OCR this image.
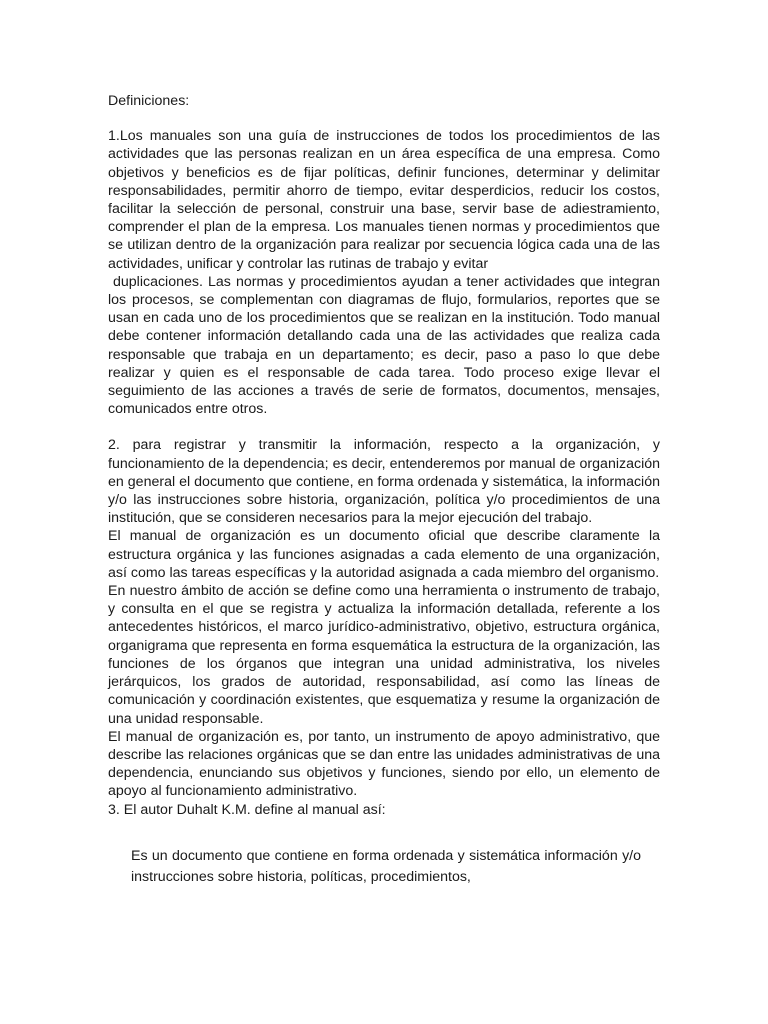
Definiciones:

1.Los manuales son una guía de instrucciones de todos los procedimientos de las actividades que las personas realizan en un área específica de una empresa. Como objetivos y beneficios es de fijar políticas, definir funciones, determinar y delimitar responsabilidades, permitir ahorro de tiempo, evitar desperdicios, reducir los costos, facilitar la selección de personal, construir una base, servir base de adiestramiento, comprender el plan de la empresa. Los manuales tienen normas y procedimientos que se utilizan dentro de la organización para realizar por secuencia lógica cada una de las actividades, unificar y controlar las rutinas de trabajo y evitar

duplicaciones. Las normas y procedimientos ayudan a tener actividades que integran los procesos, se complementan con diagramas de flujo, formularios, reportes que se usan en cada uno de los procedimientos que se realizan en la institución. Todo manual debe contener información detallando cada una de las actividades que realiza cada responsable que trabaja en un departamento; es decir, paso a paso lo que debe realizar y quien es el responsable de cada tarea. Todo proceso exige llevar el seguimiento de las acciones a través de serie de formatos, documentos, mensajes, comunicados entre otros.

2. para registrar y transmitir la información, respecto a la organización, y funcionamiento de la dependencia; es decir, entenderemos por manual de organización en general el documento que contiene, en forma ordenada y sistemática, la información y/o las instrucciones sobre historia, organización, política y/o procedimientos de una institución, que se consideren necesarios para la mejor ejecución del trabajo.

El manual de organización es un documento oficial que describe claramente la estructura orgánica y las funciones asignadas a cada elemento de una organización, así como las tareas específicas y la autoridad asignada a cada miembro del organismo.

En nuestro ámbito de acción se define como una herramienta o instrumento de trabajo, y consulta en el que se registra y actualiza la información detallada, referente a los antecedentes históricos, el marco jurídico-administrativo, objetivo, estructura orgánica, organigrama que representa en forma esquemática la estructura de la organización, las funciones de los órganos que integran una unidad administrativa, los niveles jerárquicos, los grados de autoridad, responsabilidad, así como las líneas de comunicación y coordinación existentes, que esquematiza y resume la organización de una unidad responsable.

El manual de organización es, por tanto, un instrumento de apoyo administrativo, que describe las relaciones orgánicas que se dan entre las unidades administrativas de una dependencia, enunciando sus objetivos y funciones, siendo por ello, un elemento de apoyo al funcionamiento administrativo.

3. El autor Duhalt K.M. define al manual así:

Es un documento que contiene en forma ordenada y sistemática información y/o instrucciones sobre historia, políticas, procedimientos,
